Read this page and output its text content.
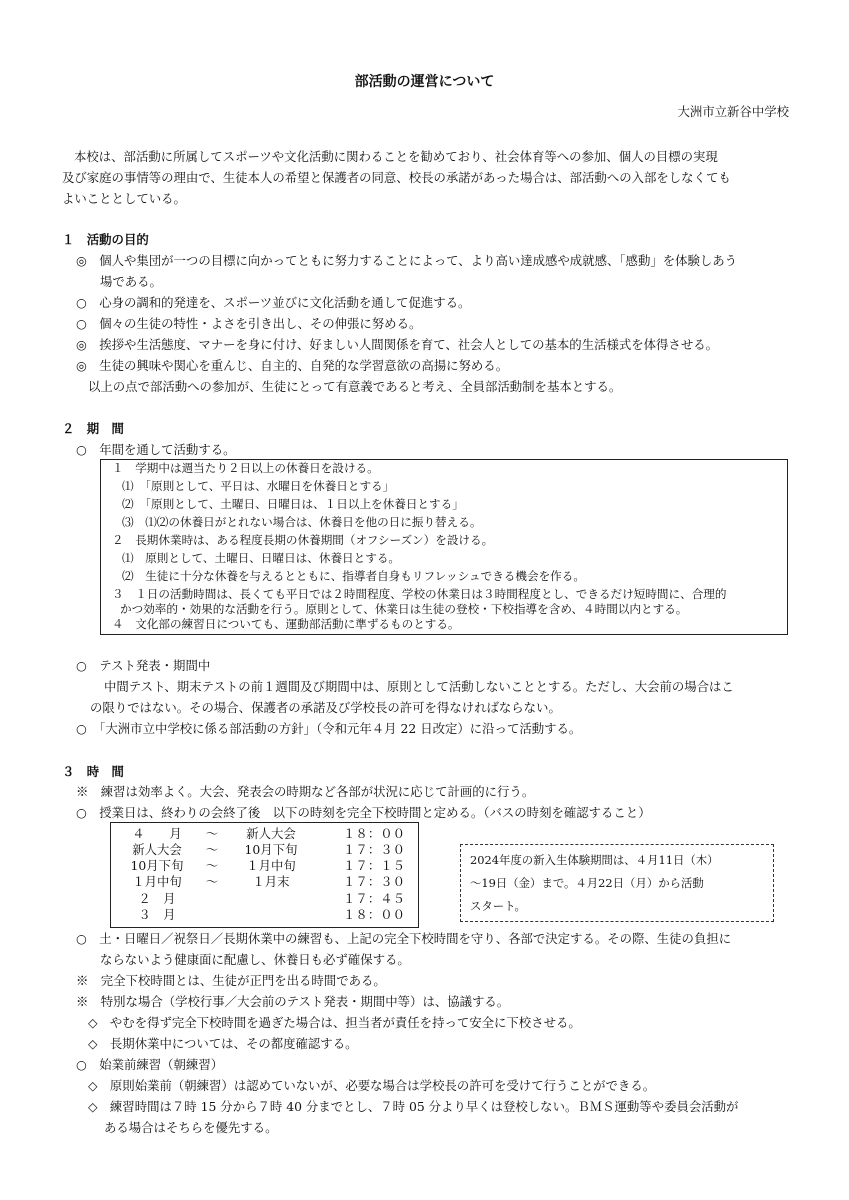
部活動の運営について
大洲市立新谷中学校
本校は、部活動に所属してスポーツや文化活動に関わることを勧めており、社会体育等への参加、個人の目標の実現
及び家庭の事情等の理由で、生徒本人の希望と保護者の同意、校長の承諾があった場合は、部活動への入部をしなくても
よいこととしている。
１　活動の目的
◎　個人や集団が一つの目標に向かってともに努力することによって、より高い達成感や成就感、「感動」を体験しあう
場である。
○　心身の調和的発達を、スポーツ並びに文化活動を通して促進する。
○　個々の生徒の特性・よさを引き出し、その伸張に努める。
◎　挨拶や生活態度、マナーを身に付け、好ましい人間関係を育て、社会人としての基本的生活様式を体得させる。
◎　生徒の興味や関心を重んじ、自主的、自発的な学習意欲の高揚に努める。
以上の点で部活動への参加が、生徒にとって有意義であると考え、全員部活動制を基本とする。
２　期　間
○　年間を通して活動する。
１　学期中は週当たり２日以上の休養日を設ける。
⑴　「原則として、平日は、水曜日を休養日とする」
⑵　「原則として、土曜日、日曜日は、１日以上を休養日とする」
⑶　⑴⑵の休養日がとれない場合は、休養日を他の日に振り替える。
２　長期休業時は、ある程度長期の休養期間（オフシーズン）を設ける。
⑴　原則として、土曜日、日曜日は、休養日とする。
⑵　生徒に十分な休養を与えるとともに、指導者自身もリフレッシュできる機会を作る。
３　１日の活動時間は、長くても平日では２時間程度、学校の休業日は３時間程度とし、できるだけ短時間に、合理的
かつ効率的・効果的な活動を行う。原則として、休業日は生徒の登校・下校指導を含め、４時間以内とする。
４　文化部の練習日についても、運動部活動に準ずるものとする。
○　テスト発表・期間中
中間テスト、期末テストの前１週間及び期間中は、原則として活動しないこととする。ただし、大会前の場合はこ
の限りではない。その場合、保護者の承諾及び学校長の許可を得なければならない。
○　「大洲市立中学校に係る部活動の方針」（令和元年４月 22 日改定）に沿って活動する。
３　時　間
※　練習は効率よく。大会、発表会の時期など各部が状況に応じて計画的に行う。
○　授業日は、終わりの会終了後　以下の時刻を完全下校時間と定める。（バスの時刻を確認すること）
４　　月	～	新人大会	１８：００
新人大会	～	10月下旬	１７：３０
10月下旬	～	１月中旬	１７：１５
１月中旬	～	１月末	１７：３０
２　月			１７：４５
３　月			１８：００
2024年度の新入生体験期間は、４月11日（木）
～19日（金）まで。４月22日（月）から活動
スタート。
○　土・日曜日／祝祭日／長期休業中の練習も、上記の完全下校時間を守り、各部で決定する。その際、生徒の負担に
ならないよう健康面に配慮し、休養日も必ず確保する。
※　完全下校時間とは、生徒が正門を出る時間である。
※　特別な場合（学校行事／大会前のテスト発表・期間中等）は、協議する。
◇　やむを得ず完全下校時間を過ぎた場合は、担当者が責任を持って安全に下校させる。
◇　長期休業中については、その都度確認する。
○　始業前練習（朝練習）
◇　原則始業前（朝練習）は認めていないが、必要な場合は学校長の許可を受けて行うことができる。
◇　練習時間は７時 15 分から７時 40 分までとし、７時 05 分より早くは登校しない。ＢＭＳ運動等や委員会活動が
ある場合はそちらを優先する。
